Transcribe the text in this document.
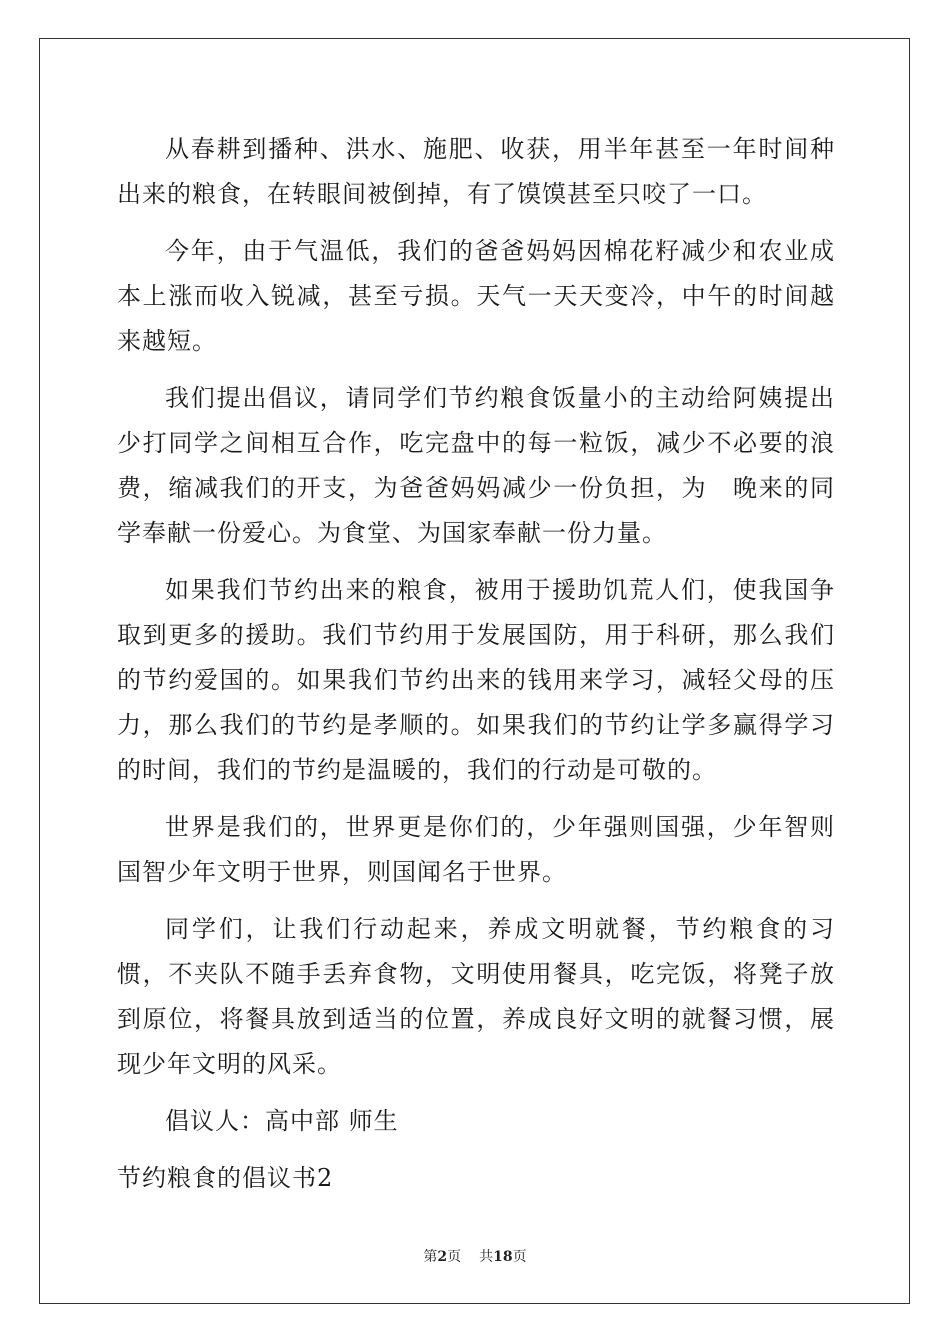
从春耕到播种、洪水、施肥、收获，用半年甚至一年时间种出来的粮食，在转眼间被倒掉，有了馍馍甚至只咬了一口。

今年，由于气温低，我们的爸爸妈妈因棉花籽减少和农业成本上涨而收入锐减，甚至亏损。天气一天天变冷，中午的时间越来越短。

我们提出倡议，请同学们节约粮食饭量小的主动给阿姨提出少打同学之间相互合作，吃完盘中的每一粒饭，减少不必要的浪费，缩减我们的开支，为爸爸妈妈减少一份负担，为　晚来的同学奉献一份爱心。为食堂、为国家奉献一份力量。

如果我们节约出来的粮食，被用于援助饥荒人们，使我国争取到更多的援助。我们节约用于发展国防，用于科研，那么我们的节约爱国的。如果我们节约出来的钱用来学习，减轻父母的压力，那么我们的节约是孝顺的。如果我们的节约让学多赢得学习的时间，我们的节约是温暖的，我们的行动是可敬的。

世界是我们的，世界更是你们的，少年强则国强，少年智则国智少年文明于世界，则国闻名于世界。

同学们，让我们行动起来，养成文明就餐，节约粮食的习惯，不夹队不随手丢弃食物，文明使用餐具，吃完饭，将凳子放到原位，将餐具放到适当的位置，养成良好文明的就餐习惯，展现少年文明的风采。

倡议人：高中部 师生

节约粮食的倡议书2

第2页 共18页
